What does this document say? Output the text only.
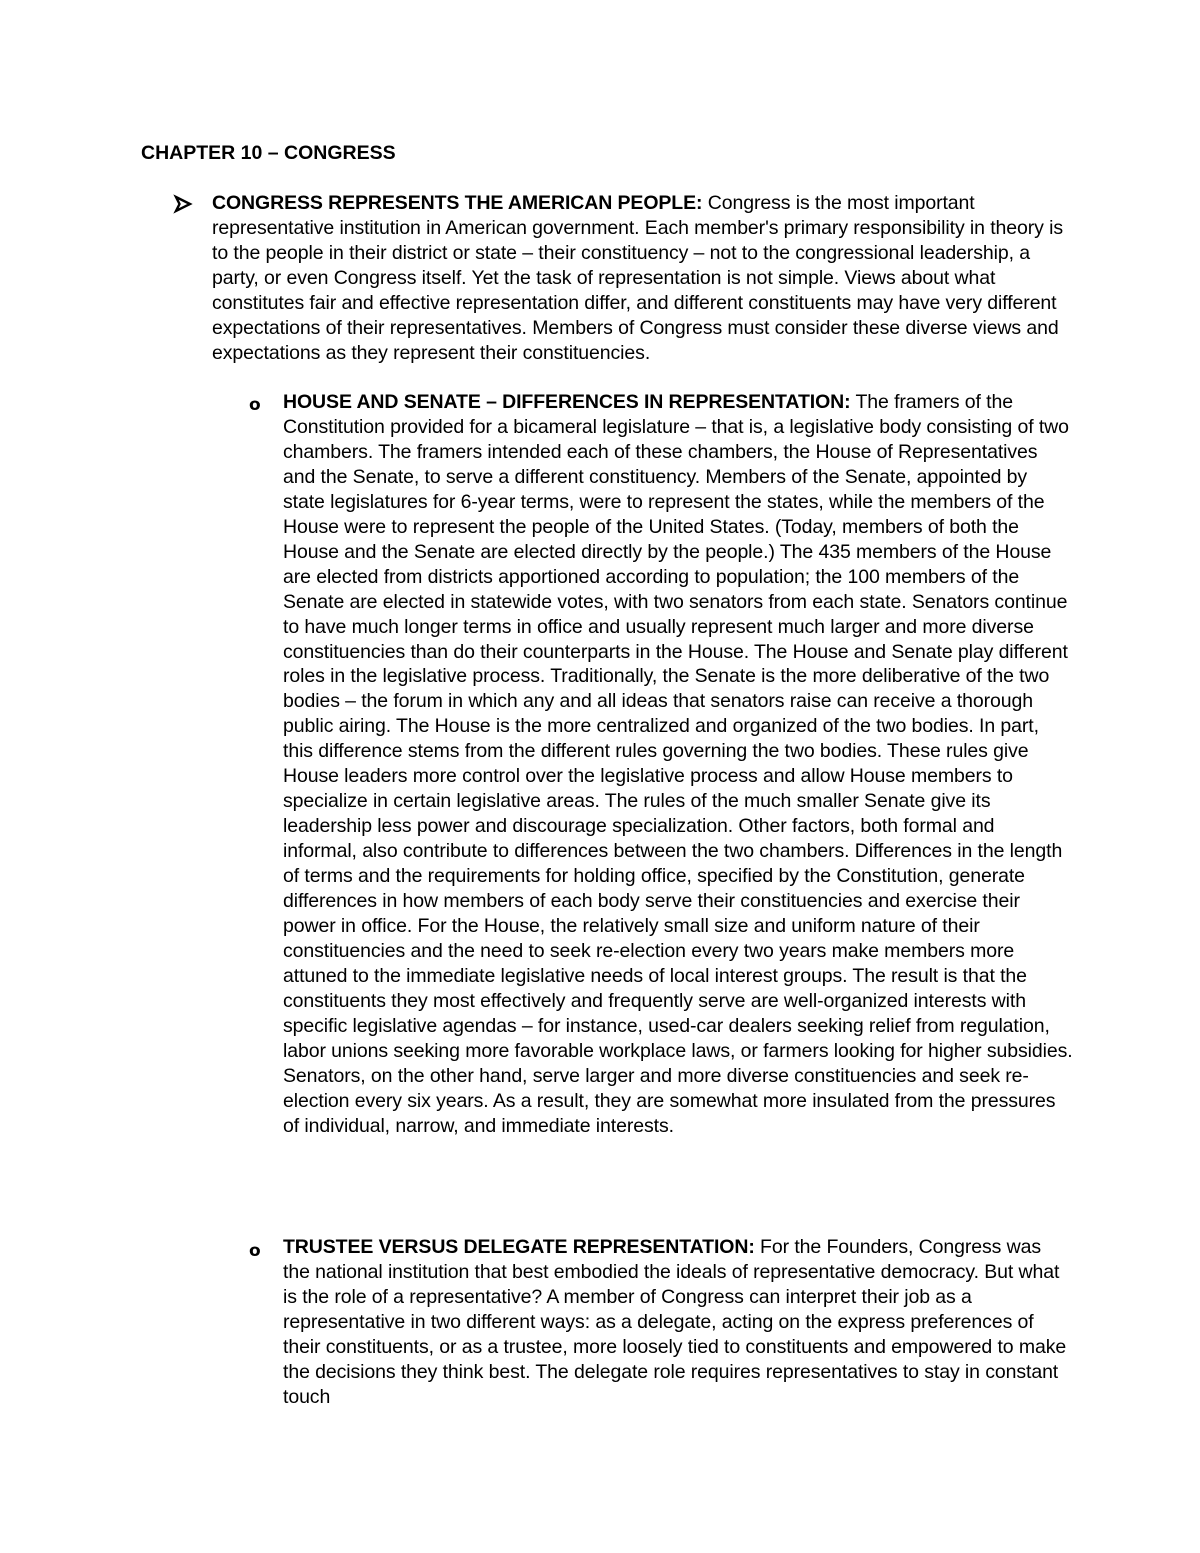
CHAPTER 10 – CONGRESS

CONGRESS REPRESENTS THE AMERICAN PEOPLE: Congress is the most important representative institution in American government. Each member's primary responsibility in theory is to the people in their district or state – their constituency – not to the congressional leadership, a party, or even Congress itself. Yet the task of representation is not simple. Views about what constitutes fair and effective representation differ, and different constituents may have very different expectations of their representatives. Members of Congress must consider these diverse views and expectations as they represent their constituencies.

o HOUSE AND SENATE – DIFFERENCES IN REPRESENTATION: The framers of the Constitution provided for a bicameral legislature – that is, a legislative body consisting of two chambers. The framers intended each of these chambers, the House of Representatives and the Senate, to serve a different constituency. Members of the Senate, appointed by state legislatures for 6-year terms, were to represent the states, while the members of the House were to represent the people of the United States. (Today, members of both the House and the Senate are elected directly by the people.) The 435 members of the House are elected from districts apportioned according to population; the 100 members of the Senate are elected in statewide votes, with two senators from each state. Senators continue to have much longer terms in office and usually represent much larger and more diverse constituencies than do their counterparts in the House. The House and Senate play different roles in the legislative process. Traditionally, the Senate is the more deliberative of the two bodies – the forum in which any and all ideas that senators raise can receive a thorough public airing. The House is the more centralized and organized of the two bodies. In part, this difference stems from the different rules governing the two bodies. These rules give House leaders more control over the legislative process and allow House members to specialize in certain legislative areas. The rules of the much smaller Senate give its leadership less power and discourage specialization. Other factors, both formal and informal, also contribute to differences between the two chambers. Differences in the length of terms and the requirements for holding office, specified by the Constitution, generate differences in how members of each body serve their constituencies and exercise their power in office. For the House, the relatively small size and uniform nature of their constituencies and the need to seek re-election every two years make members more attuned to the immediate legislative needs of local interest groups. The result is that the constituents they most effectively and frequently serve are well-organized interests with specific legislative agendas – for instance, used-car dealers seeking relief from regulation, labor unions seeking more favorable workplace laws, or farmers looking for higher subsidies. Senators, on the other hand, serve larger and more diverse constituencies and seek re-election every six years. As a result, they are somewhat more insulated from the pressures of individual, narrow, and immediate interests.

o TRUSTEE VERSUS DELEGATE REPRESENTATION: For the Founders, Congress was the national institution that best embodied the ideals of representative democracy. But what is the role of a representative? A member of Congress can interpret their job as a representative in two different ways: as a delegate, acting on the express preferences of their constituents, or as a trustee, more loosely tied to constituents and empowered to make the decisions they think best. The delegate role requires representatives to stay in constant touch
